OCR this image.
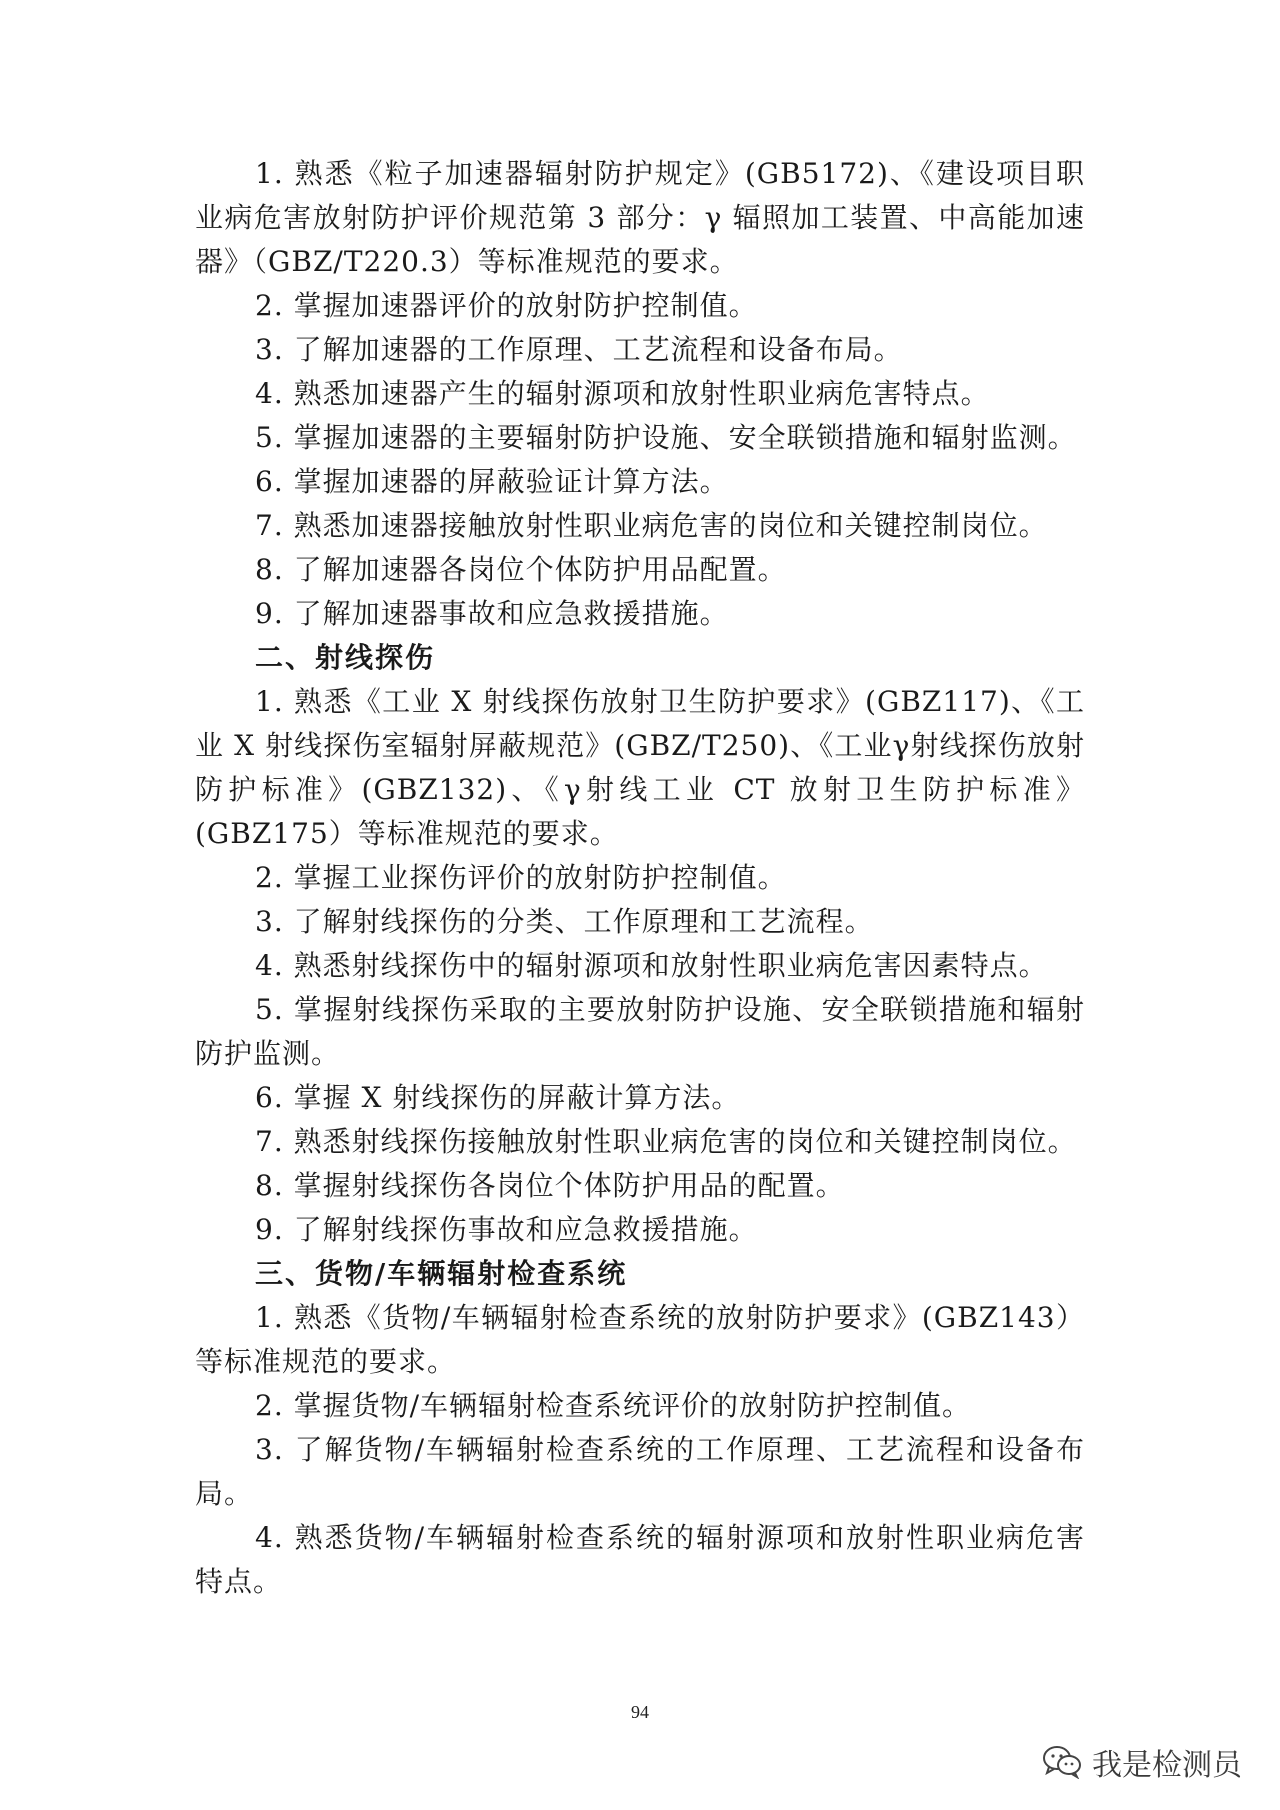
1. 熟悉《粒子加速器辐射防护规定》(GB5172)、《建设项目职业病危害放射防护评价规范第 3 部分：γ 辐照加工装置、中高能加速器》（GBZ/T220.3）等标准规范的要求。

2. 掌握加速器评价的放射防护控制值。

3. 了解加速器的工作原理、工艺流程和设备布局。

4. 熟悉加速器产生的辐射源项和放射性职业病危害特点。

5. 掌握加速器的主要辐射防护设施、安全联锁措施和辐射监测。

6. 掌握加速器的屏蔽验证计算方法。

7. 熟悉加速器接触放射性职业病危害的岗位和关键控制岗位。

8. 了解加速器各岗位个体防护用品配置。

9. 了解加速器事故和应急救援措施。

二、射线探伤

1. 熟悉《工业 X 射线探伤放射卫生防护要求》(GBZ117)、《工业 X 射线探伤室辐射屏蔽规范》(GBZ/T250)、《工业γ射线探伤放射防护标准》(GBZ132)、《γ射线工业 CT 放射卫生防护标准》(GBZ175）等标准规范的要求。

2. 掌握工业探伤评价的放射防护控制值。

3. 了解射线探伤的分类、工作原理和工艺流程。

4. 熟悉射线探伤中的辐射源项和放射性职业病危害因素特点。

5. 掌握射线探伤采取的主要放射防护设施、安全联锁措施和辐射防护监测。

6. 掌握 X 射线探伤的屏蔽计算方法。

7. 熟悉射线探伤接触放射性职业病危害的岗位和关键控制岗位。

8. 掌握射线探伤各岗位个体防护用品的配置。

9. 了解射线探伤事故和应急救援措施。

三、货物/车辆辐射检查系统

1. 熟悉《货物/车辆辐射检查系统的放射防护要求》(GBZ143）等标准规范的要求。

2. 掌握货物/车辆辐射检查系统评价的放射防护控制值。

3. 了解货物/车辆辐射检查系统的工作原理、工艺流程和设备布局。

4. 熟悉货物/车辆辐射检查系统的辐射源项和放射性职业病危害特点。

94
我是检测员
